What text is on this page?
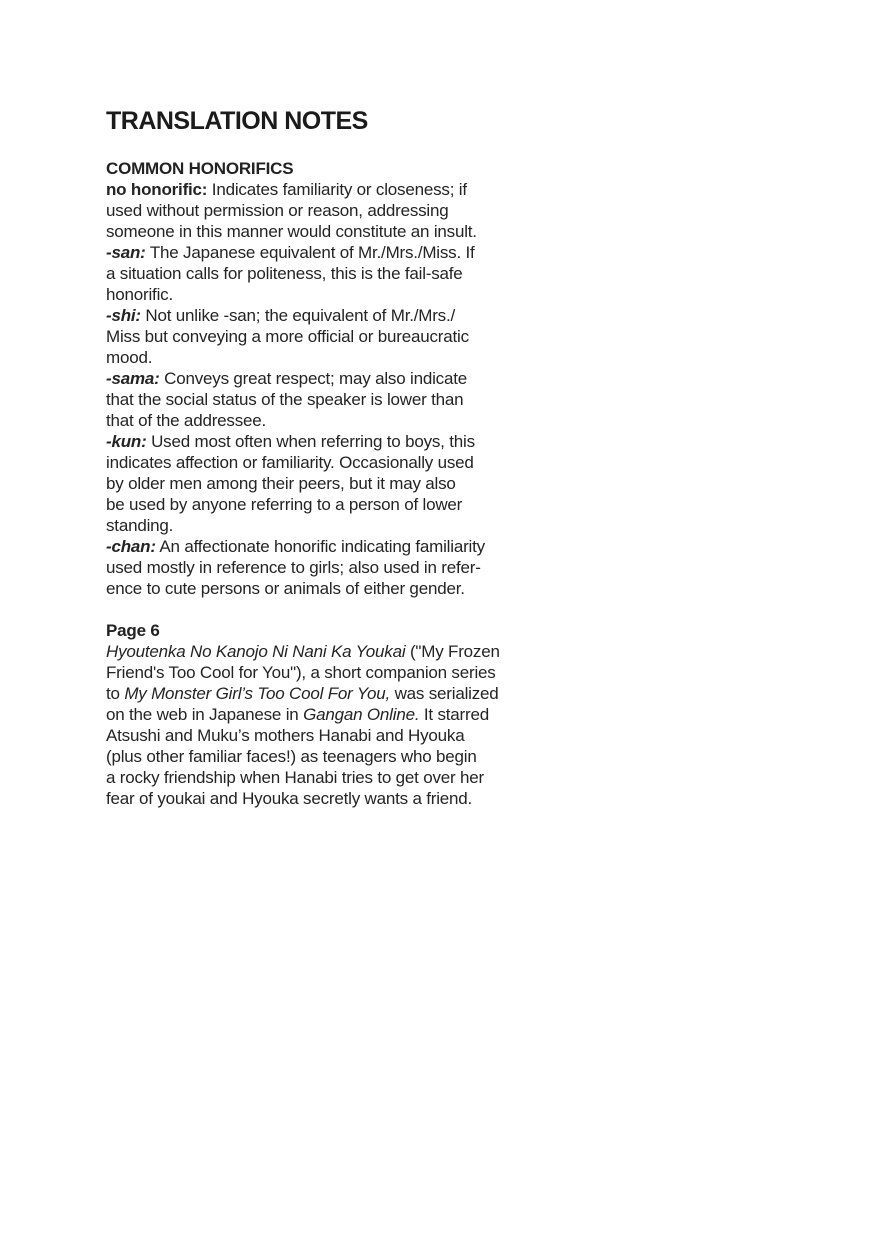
TRANSLATION NOTES
COMMON HONORIFICS
no honorific: Indicates familiarity or closeness; if
used without permission or reason, addressing
someone in this manner would constitute an insult.
-san: The Japanese equivalent of Mr./Mrs./Miss. If
a situation calls for politeness, this is the fail-safe
honorific.
-shi: Not unlike -san; the equivalent of Mr./Mrs./
Miss but conveying a more official or bureaucratic
mood.
-sama: Conveys great respect; may also indicate
that the social status of the speaker is lower than
that of the addressee.
-kun: Used most often when referring to boys, this
indicates affection or familiarity. Occasionally used
by older men among their peers, but it may also
be used by anyone referring to a person of lower
standing.
-chan: An affectionate honorific indicating familiarity
used mostly in reference to girls; also used in refer-
ence to cute persons or animals of either gender.
Page 6
Hyoutenka No Kanojo Ni Nani Ka Youkai ("My Frozen
Friend's Too Cool for You"), a short companion series
to My Monster Girl’s Too Cool For You, was serialized
on the web in Japanese in Gangan Online. It starred
Atsushi and Muku’s mothers Hanabi and Hyouka
(plus other familiar faces!) as teenagers who begin
a rocky friendship when Hanabi tries to get over her
fear of youkai and Hyouka secretly wants a friend.
